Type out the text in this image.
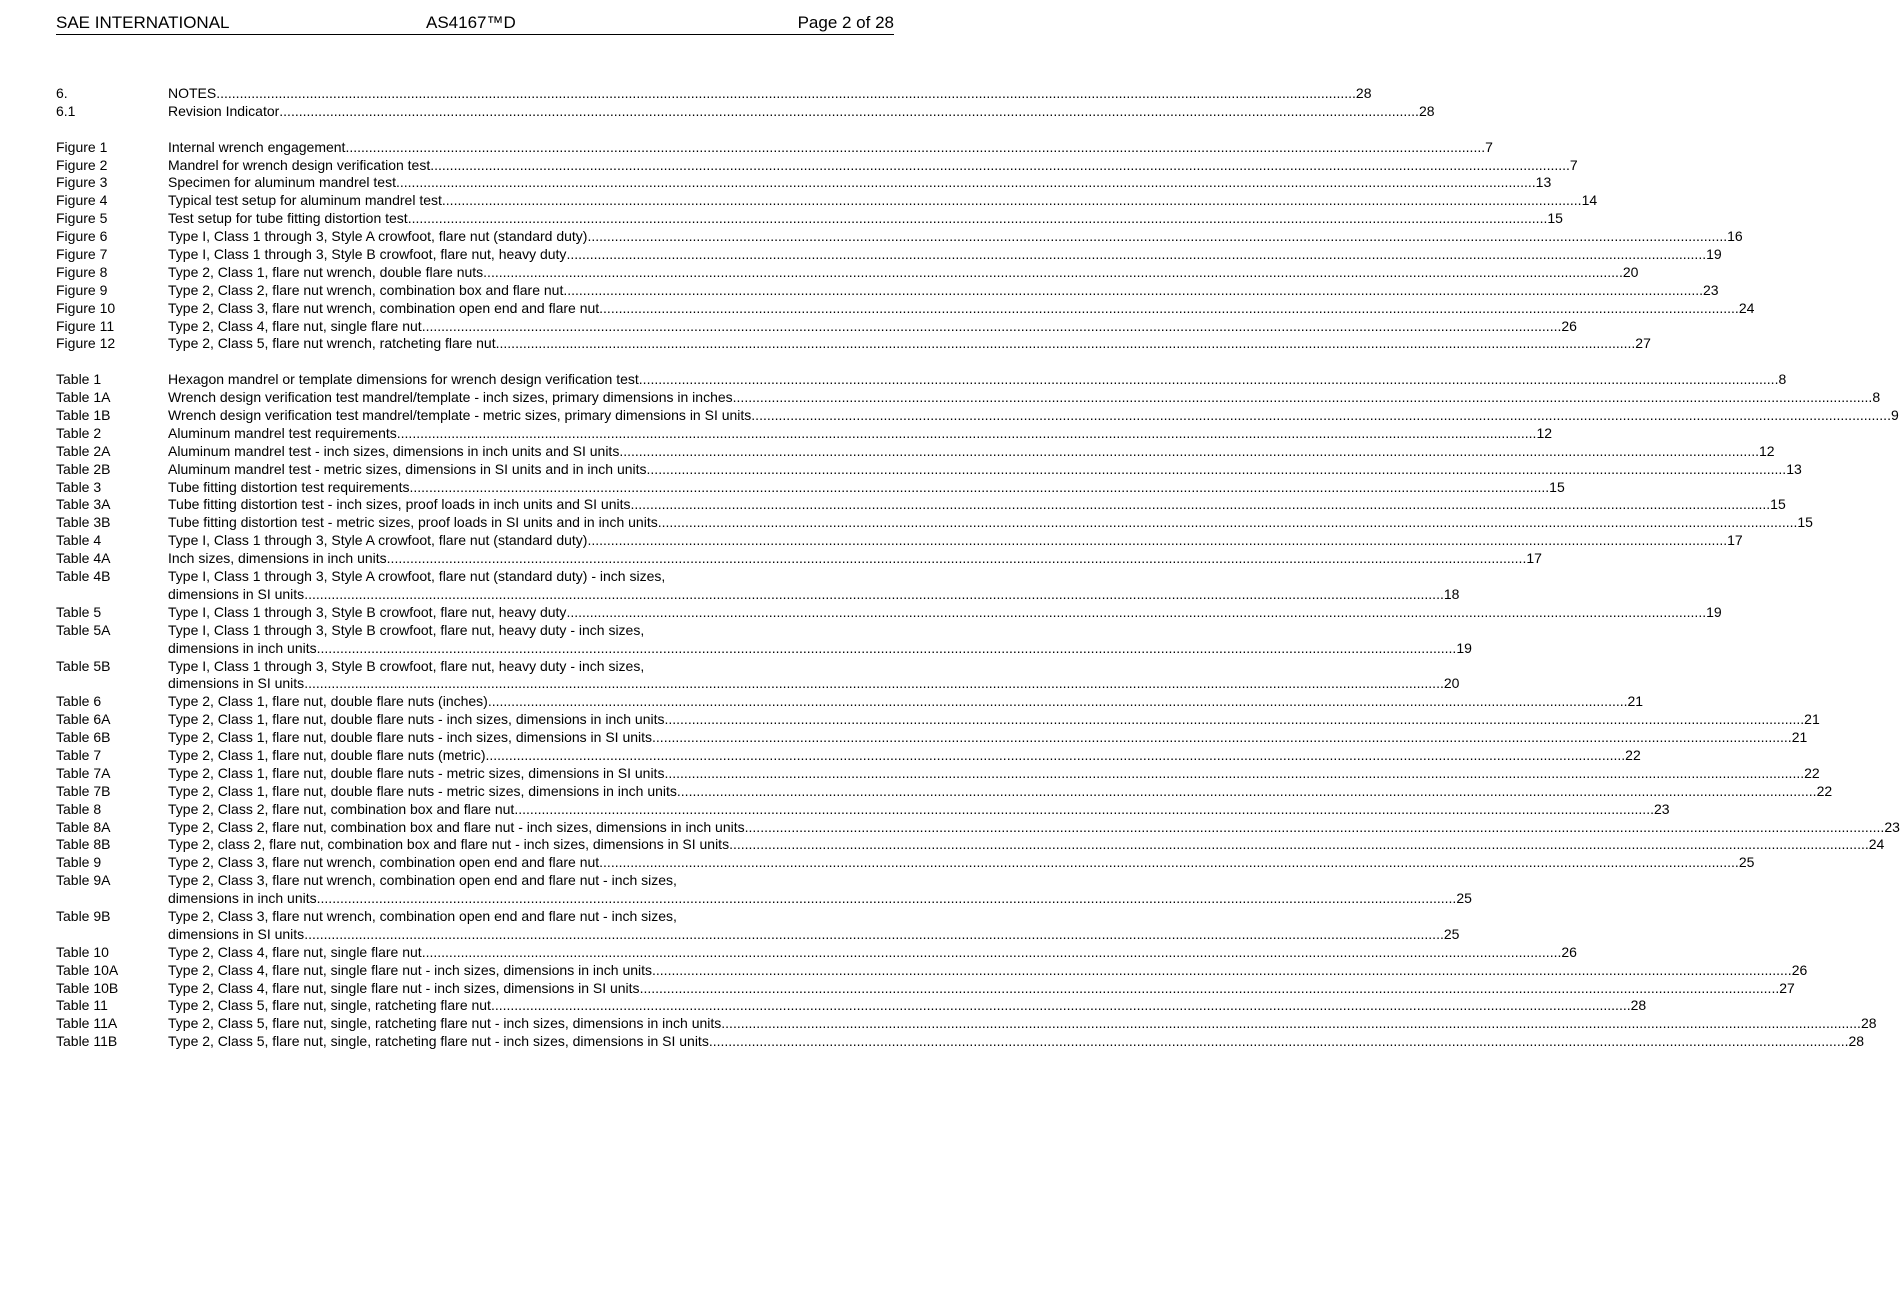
SAE INTERNATIONAL	AS4167™D	Page 2 of 28
6.	NOTES .....	28
6.1	Revision Indicator .....	28
Figure 1	Internal wrench engagement .....	7
Figure 2	Mandrel for wrench design verification test .....	7
Figure 3	Specimen for aluminum mandrel test .....	13
Figure 4	Typical test setup for aluminum mandrel test .....	14
Figure 5	Test setup for tube fitting distortion test .....	15
Figure 6	Type I, Class 1 through 3, Style A crowfoot, flare nut (standard duty) .....	16
Figure 7	Type I, Class 1 through 3, Style B crowfoot, flare nut, heavy duty .....	19
Figure 8	Type 2, Class 1, flare nut wrench, double flare nuts .....	20
Figure 9	Type 2, Class 2, flare nut wrench, combination box and flare nut .....	23
Figure 10	Type 2, Class 3, flare nut wrench, combination open end and flare nut .....	24
Figure 11	Type 2, Class 4, flare nut, single flare nut .....	26
Figure 12	Type 2, Class 5, flare nut wrench, ratcheting flare nut .....	27
Table 1	Hexagon mandrel or template dimensions for wrench design verification test .....	8
Table 1A	Wrench design verification test mandrel/template - inch sizes, primary dimensions in inches .....	8
Table 1B	Wrench design verification test mandrel/template - metric sizes, primary dimensions in SI units .....	9
Table 2	Aluminum mandrel test requirements .....	12
Table 2A	Aluminum mandrel test - inch sizes, dimensions in inch units and SI units .....	12
Table 2B	Aluminum mandrel test - metric sizes, dimensions in SI units and in inch units .....	13
Table 3	Tube fitting distortion test requirements .....	15
Table 3A	Tube fitting distortion test - inch sizes, proof loads in inch units and SI units .....	15
Table 3B	Tube fitting distortion test - metric sizes, proof loads in SI units and in inch units .....	15
Table 4	Type I, Class 1 through 3, Style A crowfoot, flare nut (standard duty) .....	17
Table 4A	Inch sizes, dimensions in inch units .....	17
Table 4B	Type I, Class 1 through 3, Style A crowfoot, flare nut (standard duty) - inch sizes,
dimensions in SI units .....	18
Table 5	Type I, Class 1 through 3, Style B crowfoot, flare nut, heavy duty .....	19
Table 5A	Type I, Class 1 through 3, Style B crowfoot, flare nut, heavy duty - inch sizes,
dimensions in inch units .....	19
Table 5B	Type I, Class 1 through 3, Style B crowfoot, flare nut, heavy duty - inch sizes,
dimensions in SI units .....	20
Table 6	Type 2, Class 1, flare nut, double flare nuts (inches) .....	21
Table 6A	Type 2, Class 1, flare nut, double flare nuts - inch sizes, dimensions in inch units .....	21
Table 6B	Type 2, Class 1, flare nut, double flare nuts - inch sizes, dimensions in SI units .....	21
Table 7	Type 2, Class 1, flare nut, double flare nuts (metric) .....	22
Table 7A	Type 2, Class 1, flare nut, double flare nuts - metric sizes, dimensions in SI units .....	22
Table 7B	Type 2, Class 1, flare nut, double flare nuts - metric sizes, dimensions in inch units .....	22
Table 8	Type 2, Class 2, flare nut, combination box and flare nut .....	23
Table 8A	Type 2, Class 2, flare nut, combination box and flare nut - inch sizes, dimensions in inch units .....	23
Table 8B	Type 2, class 2, flare nut, combination box and flare nut - inch sizes, dimensions in SI units .....	24
Table 9	Type 2, Class 3, flare nut wrench, combination open end and flare nut .....	25
Table 9A	Type 2, Class 3, flare nut wrench, combination open end and flare nut - inch sizes,
dimensions in inch units .....	25
Table 9B	Type 2, Class 3, flare nut wrench, combination open end and flare nut - inch sizes,
dimensions in SI units .....	25
Table 10	Type 2, Class 4, flare nut, single flare nut .....	26
Table 10A	Type 2, Class 4, flare nut, single flare nut - inch sizes, dimensions in inch units .....	26
Table 10B	Type 2, Class 4, flare nut, single flare nut - inch sizes, dimensions in SI units .....	27
Table 11	Type 2, Class 5, flare nut, single, ratcheting flare nut .....	28
Table 11A	Type 2, Class 5, flare nut, single, ratcheting flare nut - inch sizes, dimensions in inch units .....	28
Table 11B	Type 2, Class 5, flare nut, single, ratcheting flare nut - inch sizes, dimensions in SI units .....	28
